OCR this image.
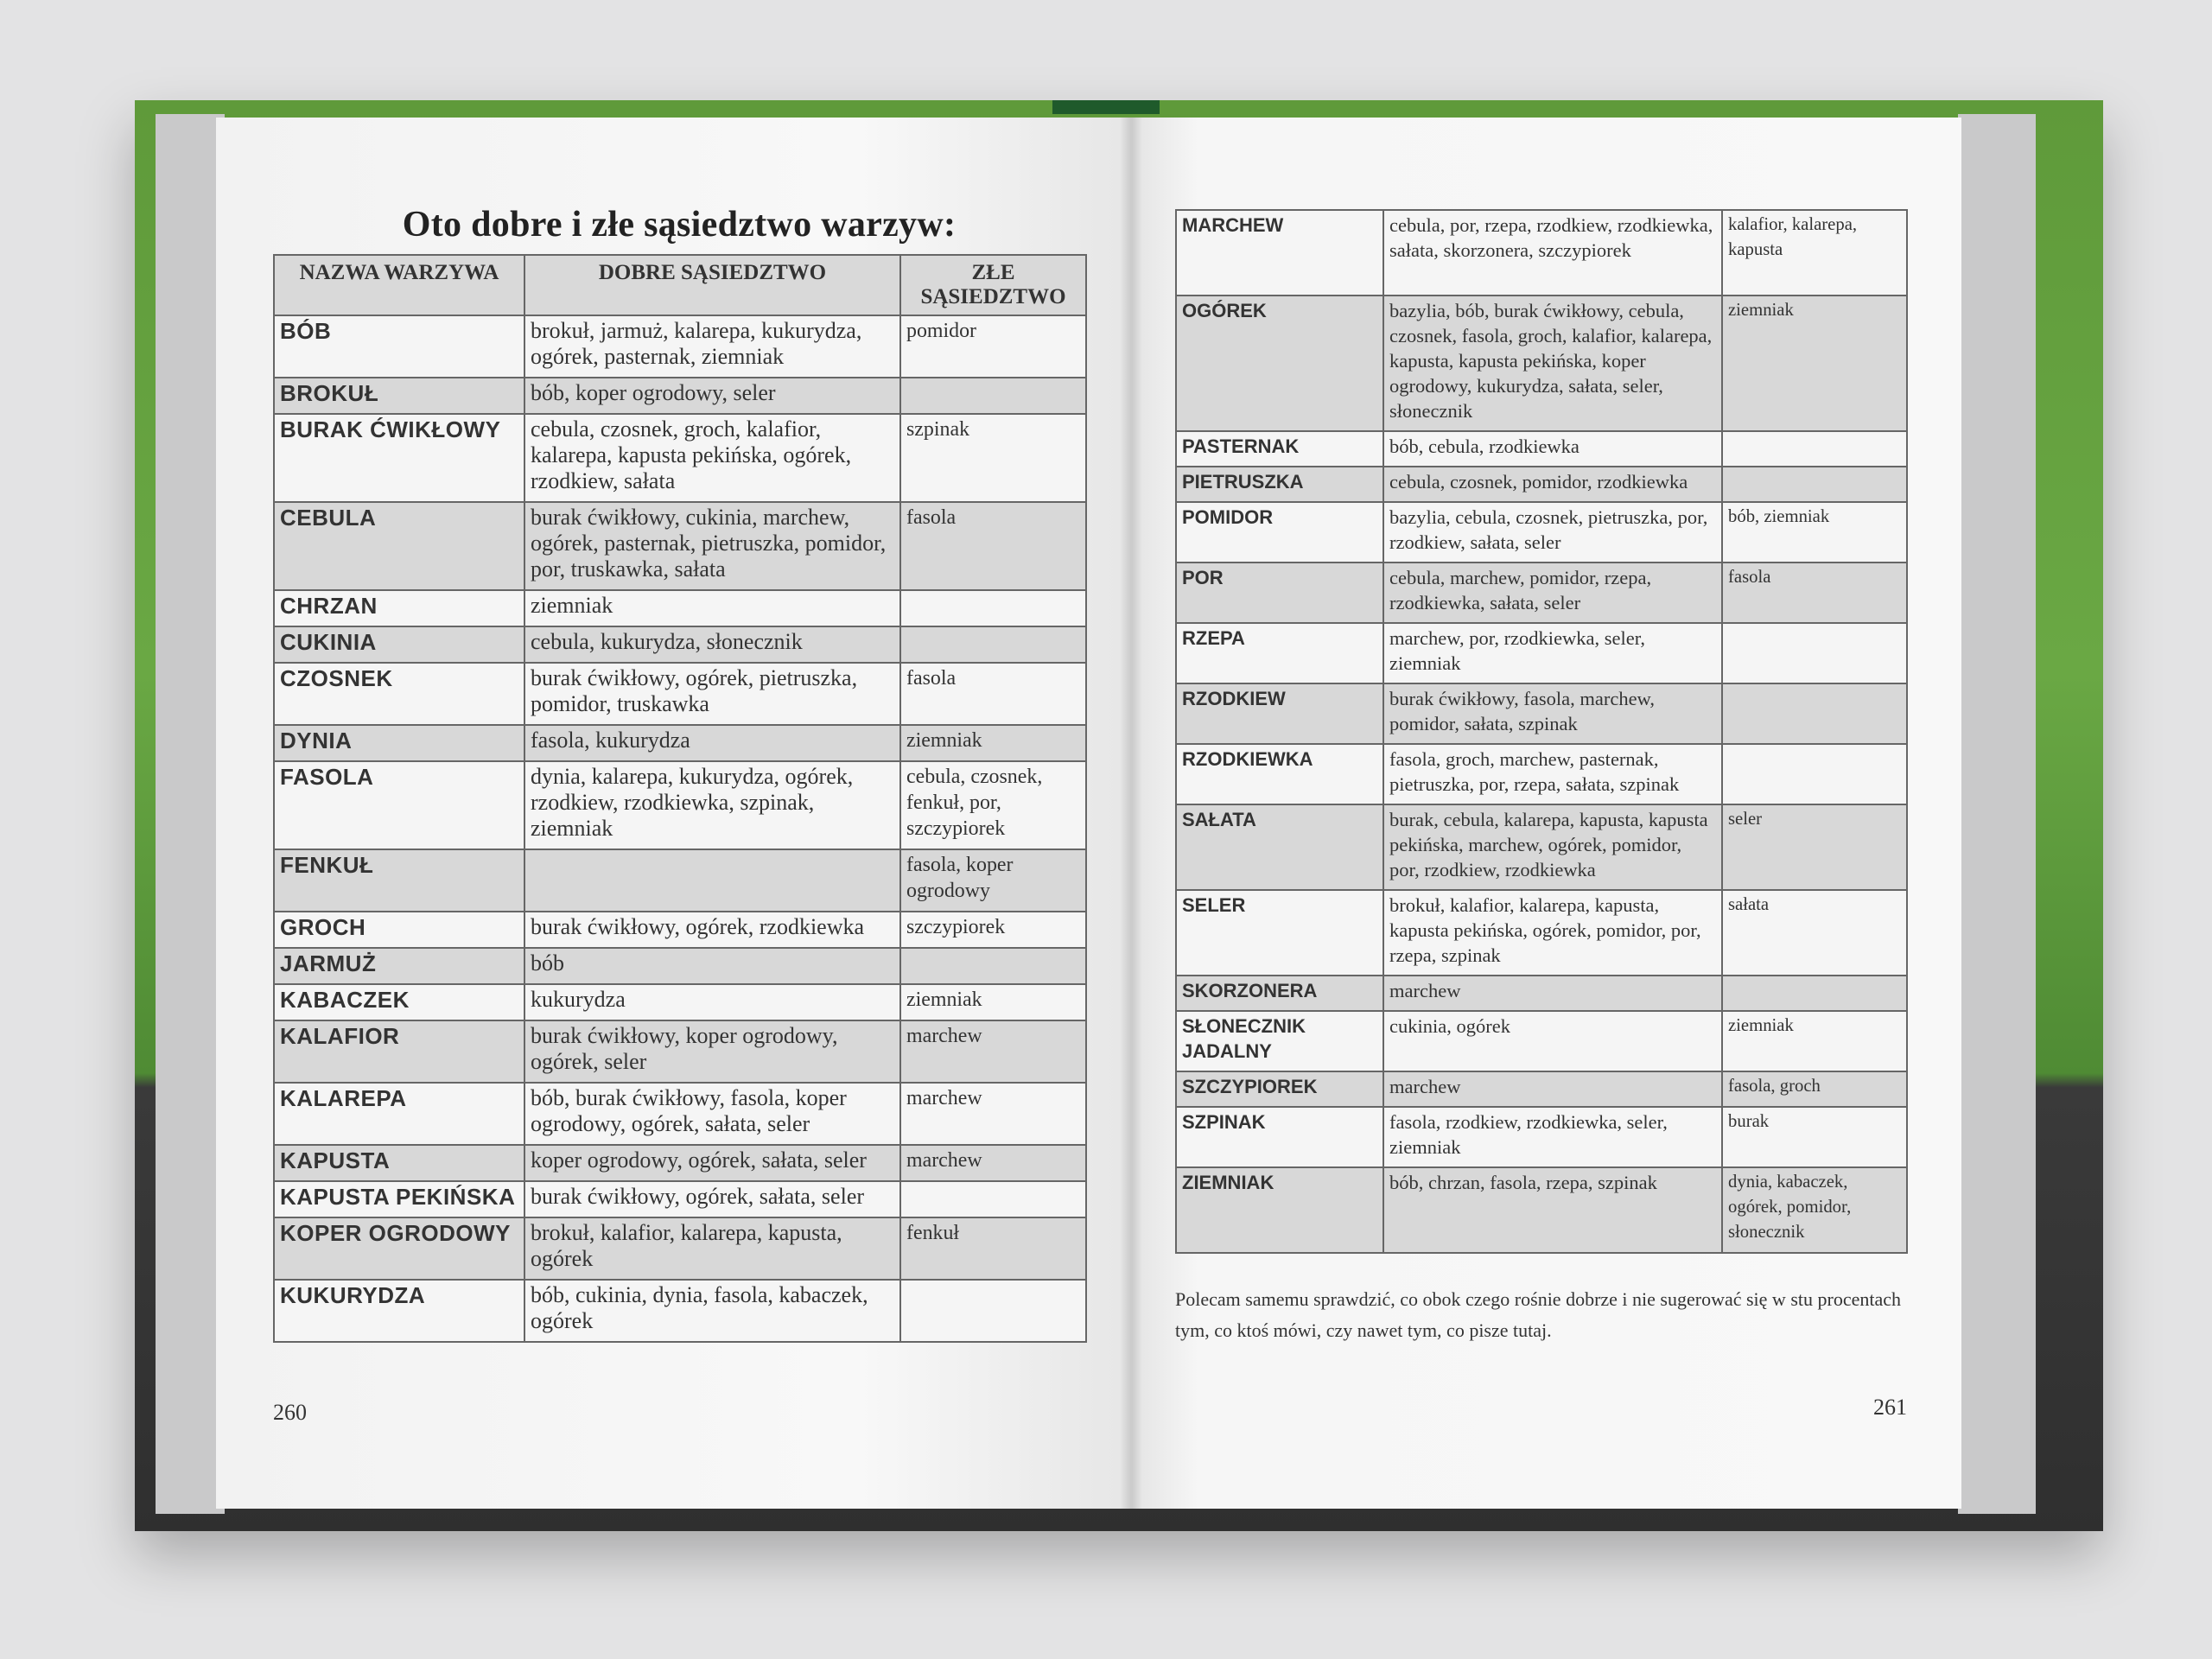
Oto dobre i złe sąsiedztwo warzyw:
NAZWA WARZYWA	DOBRE SĄSIEDZTWO	ZŁE SĄSIEDZTWO
BÓB	brokuł, jarmuż, kalarepa, kukurydza, ogórek, pasternak, ziemniak	pomidor
BROKUŁ	bób, koper ogrodowy, seler	
BURAK ĆWIKŁOWY	cebula, czosnek, groch, kalafior, kalarepa, kapusta pekińska, ogórek, rzodkiew, sałata	szpinak
CEBULA	burak ćwikłowy, cukinia, marchew, ogórek, pasternak, pietruszka, pomidor, por, truskawka, sałata	fasola
CHRZAN	ziemniak	
CUKINIA	cebula, kukurydza, słonecznik	
CZOSNEK	burak ćwikłowy, ogórek, pietruszka, pomidor, truskawka	fasola
DYNIA	fasola, kukurydza	ziemniak
FASOLA	dynia, kalarepa, kukurydza, ogórek, rzodkiew, rzodkiewka, szpinak, ziemniak	cebula, czosnek, fenkuł, por, szczypiorek
FENKUŁ		fasola, koper ogrodowy
GROCH	burak ćwikłowy, ogórek, rzodkiewka	szczypiorek
JARMUŻ	bób	
KABACZEK	kukurydza	ziemniak
KALAFIOR	burak ćwikłowy, koper ogrodowy, ogórek, seler	marchew
KALAREPA	bób, burak ćwikłowy, fasola, koper ogrodowy, ogórek, sałata, seler	marchew
KAPUSTA	koper ogrodowy, ogórek, sałata, seler	marchew
KAPUSTA PEKIŃSKA	burak ćwikłowy, ogórek, sałata, seler	
KOPER OGRODOWY	brokuł, kalafior, kalarepa, kapusta, ogórek	fenkuł
KUKURYDZA	bób, cukinia, dynia, fasola, kabaczek, ogórek	
MARCHEW	cebula, por, rzepa, rzodkiew, rzodkiewka, sałata, skorzonera, szczypiorek	kalafior, kalarepa, kapusta
OGÓREK	bazylia, bób, burak ćwikłowy, cebula, czosnek, fasola, groch, kalafior, kalarepa, kapusta, kapusta pekińska, koper ogrodowy, kukurydza, sałata, seler, słonecznik	ziemniak
PASTERNAK	bób, cebula, rzodkiewka	
PIETRUSZKA	cebula, czosnek, pomidor, rzodkiewka	
POMIDOR	bazylia, cebula, czosnek, pietruszka, por, rzodkiew, sałata, seler	bób, ziemniak
POR	cebula, marchew, pomidor, rzepa, rzodkiewka, sałata, seler	fasola
RZEPA	marchew, por, rzodkiewka, seler, ziemniak	
RZODKIEW	burak ćwikłowy, fasola, marchew, pomidor, sałata, szpinak	
RZODKIEWKA	fasola, groch, marchew, pasternak, pietruszka, por, rzepa, sałata, szpinak	
SAŁATA	burak, cebula, kalarepa, kapusta, kapusta pekińska, marchew, ogórek, pomidor, por, rzodkiew, rzodkiewka	seler
SELER	brokuł, kalafior, kalarepa, kapusta, kapusta pekińska, ogórek, pomidor, por, rzepa, szpinak	sałata
SKORZONERA	marchew	
SŁONECZNIK JADALNY	cukinia, ogórek	ziemniak
SZCZYPIOREK	marchew	fasola, groch
SZPINAK	fasola, rzodkiew, rzodkiewka, seler, ziemniak	burak
ZIEMNIAK	bób, chrzan, fasola, rzepa, szpinak	dynia, kabaczek, ogórek, pomidor, słonecznik
Polecam samemu sprawdzić, co obok czego rośnie dobrze i nie sugerować się w stu procentach tym, co ktoś mówi, czy nawet tym, co pisze tutaj.
260	261
